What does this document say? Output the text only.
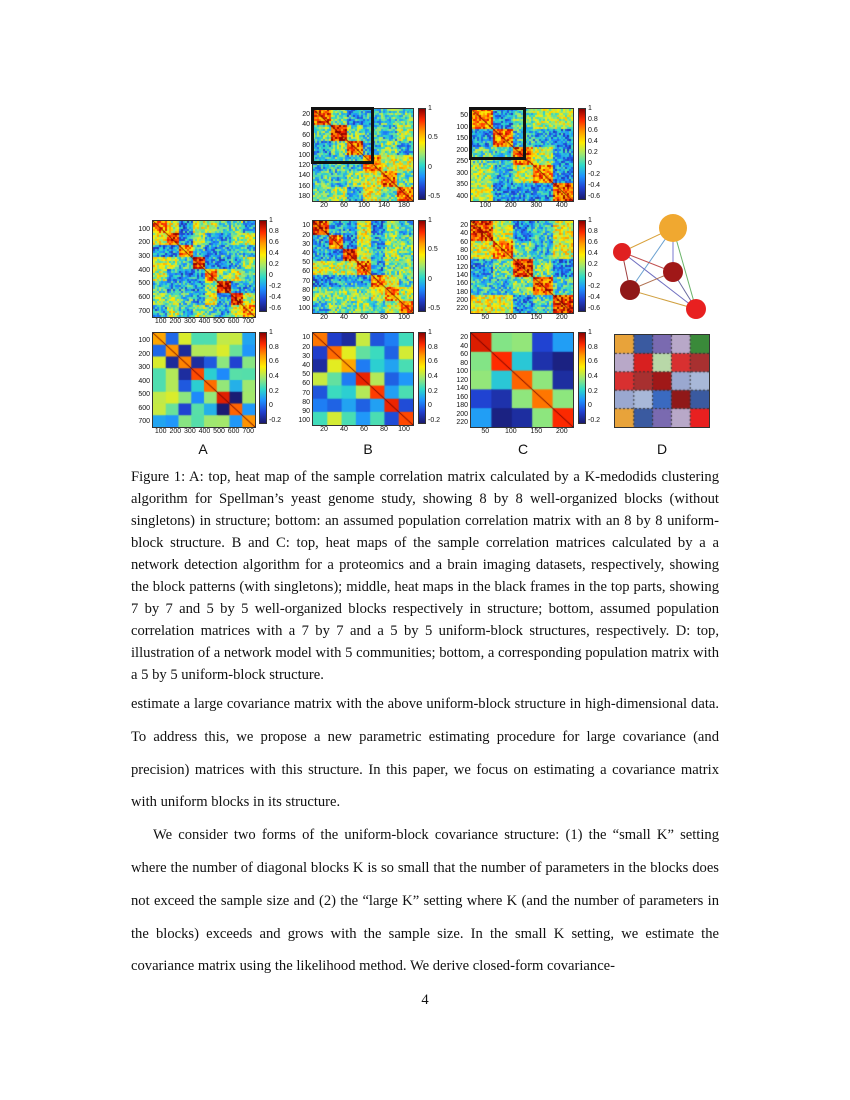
A	B	C	D
20
40
60
80
100
120
140
160
180
20	60	100	140	180
1
0.5
0
-0.5
50
100
150
200
250
300
350
400
100	200	300	400
1
0.8
0.6
0.4
0.2
0
-0.2
-0.4
-0.6
100
200
300
400
500
600
700
100 200 300 400 500 600 700
1
0.8
0.6
0.4
0.2
0
-0.2
-0.4
-0.6
10
20
30
40
50
60
70
80
90
100
20	40	60	80	100
1
0.5
0
-0.5
20
40
60
80
100
120
140
160
180
200
220
50	100	150	200
1
0.8
0.6
0.4
0.2
0
-0.2
-0.4
-0.6
100
200
300
400
500
600
700
100 200 300 400 500 600 700
1
0.8
0.6
0.4
0.2
0
-0.2
10
20
30
40
50
60
70
80
90
100
20	40	60	80	100
1
0.8
0.6
0.4
0.2
0
-0.2
20
40
60
80
100
120
140
160
180
200
220
50	100	150	200
1
0.8
0.6
0.4
0.2
0
-0.2
Figure 1: A: top, heat map of the sample correlation matrix calculated by a K-medodids clustering algorithm for Spellman’s yeast genome study, showing 8 by 8 well-organized blocks (without singletons) in structure; bottom: an assumed population correlation matrix with an 8 by 8 uniform-block structure. B and C: top, heat maps of the sample correlation matrices calculated by a a network detection algorithm for a proteomics and a brain imaging datasets, respectively, showing the block patterns (with singletons); middle, heat maps in the black frames in the top parts, showing 7 by 7 and 5 by 5 well-organized blocks respectively in structure; bottom, assumed population correlation matrices with a 7 by 7 and a 5 by 5 uniform-block structures, respectively. D: top, illustration of a network model with 5 communities; bottom, a corresponding population matrix with a 5 by 5 uniform-block structure.

estimate a large covariance matrix with the above uniform-block structure in high-dimensional data. To address this, we propose a new parametric estimating procedure for large covariance (and precision) matrices with this structure. In this paper, we focus on estimating a covariance matrix with uniform blocks in its structure.

We consider two forms of the uniform-block covariance structure: (1) the “small K” setting where the number of diagonal blocks K is so small that the number of parameters in the blocks does not exceed the sample size and (2) the “large K” setting where K (and the number of parameters in the blocks) exceeds and grows with the sample size. In the small K setting, we estimate the covariance matrix using the likelihood method. We derive closed-form covariance-

4
